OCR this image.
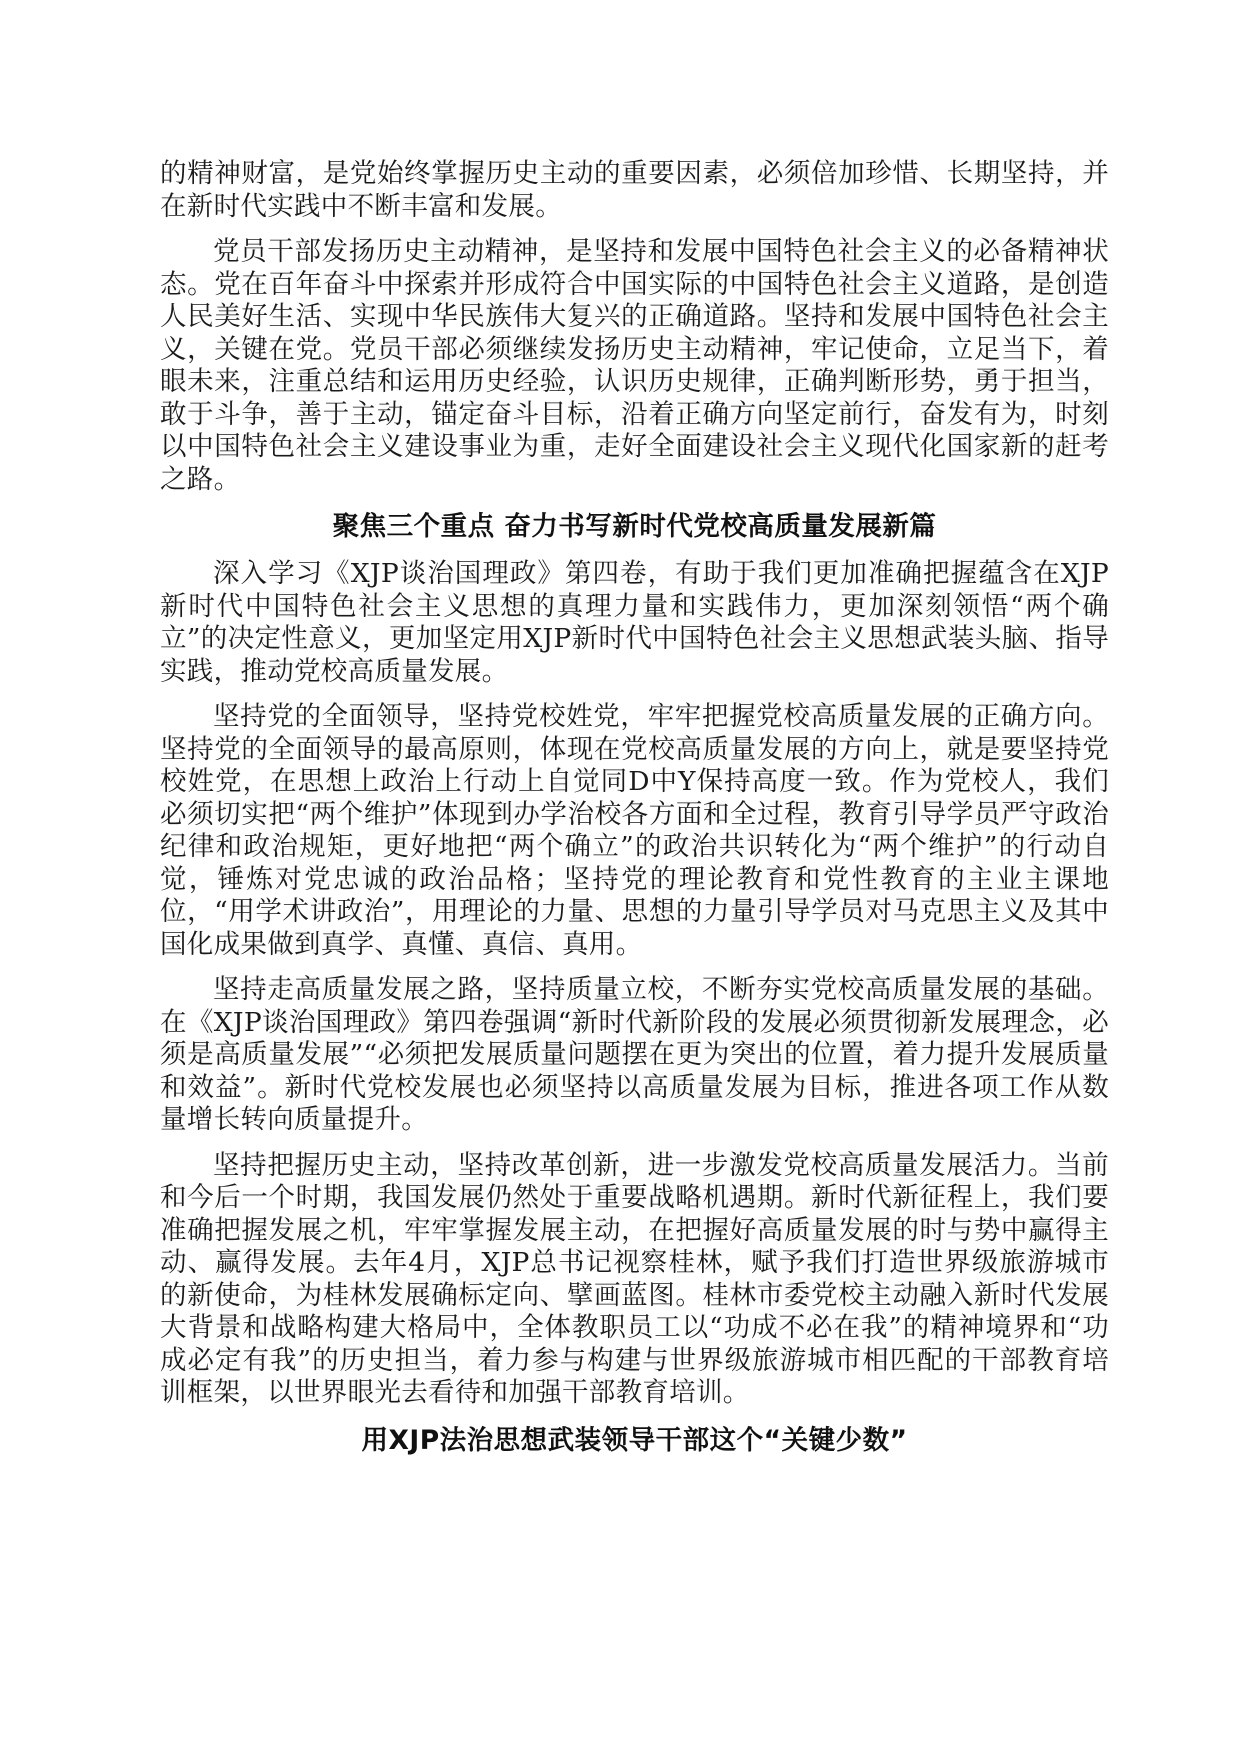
的精神财富，是党始终掌握历史主动的重要因素，必须倍加珍惜、长期坚持，并在新时代实践中不断丰富和发展。

党员干部发扬历史主动精神，是坚持和发展中国特色社会主义的必备精神状态。党在百年奋斗中探索并形成符合中国实际的中国特色社会主义道路，是创造人民美好生活、实现中华民族伟大复兴的正确道路。坚持和发展中国特色社会主义，关键在党。党员干部必须继续发扬历史主动精神，牢记使命，立足当下，着眼未来，注重总结和运用历史经验，认识历史规律，正确判断形势，勇于担当，敢于斗争，善于主动，锚定奋斗目标，沿着正确方向坚定前行，奋发有为，时刻以中国特色社会主义建设事业为重，走好全面建设社会主义现代化国家新的赶考之路。

聚焦三个重点 奋力书写新时代党校高质量发展新篇

深入学习《XJP谈治国理政》第四卷，有助于我们更加准确把握蕴含在XJP新时代中国特色社会主义思想的真理力量和实践伟力，更加深刻领悟“两个确立”的决定性意义，更加坚定用XJP新时代中国特色社会主义思想武装头脑、指导实践，推动党校高质量发展。

坚持党的全面领导，坚持党校姓党，牢牢把握党校高质量发展的正确方向。坚持党的全面领导的最高原则，体现在党校高质量发展的方向上，就是要坚持党校姓党，在思想上政治上行动上自觉同D中Y保持高度一致。作为党校人，我们必须切实把“两个维护”体现到办学治校各方面和全过程，教育引导学员严守政治纪律和政治规矩，更好地把“两个确立”的政治共识转化为“两个维护”的行动自觉，锤炼对党忠诚的政治品格；坚持党的理论教育和党性教育的主业主课地位，“用学术讲政治”，用理论的力量、思想的力量引导学员对马克思主义及其中国化成果做到真学、真懂、真信、真用。

坚持走高质量发展之路，坚持质量立校，不断夯实党校高质量发展的基础。在《XJP谈治国理政》第四卷强调“新时代新阶段的发展必须贯彻新发展理念，必须是高质量发展”“必须把发展质量问题摆在更为突出的位置，着力提升发展质量和效益”。新时代党校发展也必须坚持以高质量发展为目标，推进各项工作从数量增长转向质量提升。

坚持把握历史主动，坚持改革创新，进一步激发党校高质量发展活力。当前和今后一个时期，我国发展仍然处于重要战略机遇期。新时代新征程上，我们要准确把握发展之机，牢牢掌握发展主动，在把握好高质量发展的时与势中赢得主动、赢得发展。去年4月，XJP总书记视察桂林，赋予我们打造世界级旅游城市的新使命，为桂林发展确标定向、擘画蓝图。桂林市委党校主动融入新时代发展大背景和战略构建大格局中，全体教职员工以“功成不必在我”的精神境界和“功成必定有我”的历史担当，着力参与构建与世界级旅游城市相匹配的干部教育培训框架，以世界眼光去看待和加强干部教育培训。

用XJP法治思想武装领导干部这个“关键少数”
